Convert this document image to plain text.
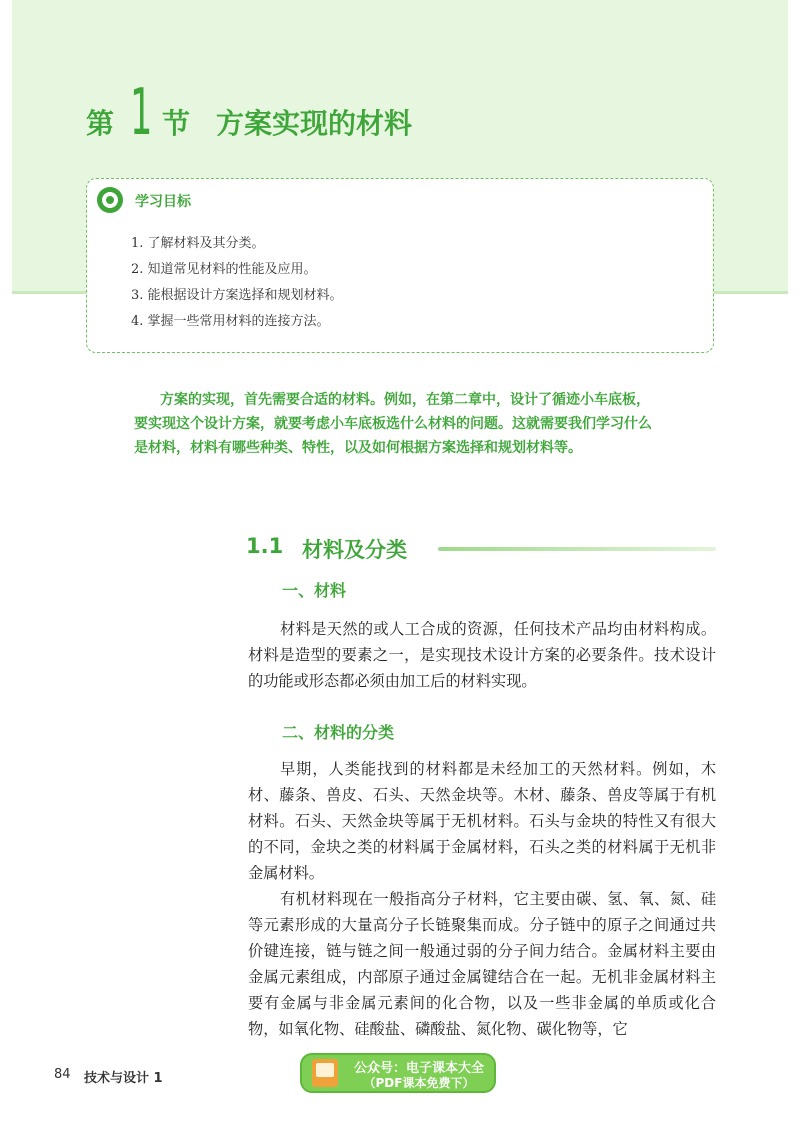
第 1 节 方案实现的材料
学习目标
1. 了解材料及其分类。
2. 知道常见材料的性能及应用。
3. 能根据设计方案选择和规划材料。
4. 掌握一些常用材料的连接方法。

方案的实现，首先需要合适的材料。例如，在第二章中，设计了循迹小车底板，

要实现这个设计方案，就要考虑小车底板选什么材料的问题。这就需要我们学习什么

是材料，材料有哪些种类、特性，以及如何根据方案选择和规划材料等。

1.1 材料及分类
一、材料

材料是天然的或人工合成的资源，任何技术产品均由材料构成。材料是造型的要素之一，是实现技术设计方案的必要条件。技术设计的功能或形态都必须由加工后的材料实现。

二、材料的分类

早期，人类能找到的材料都是未经加工的天然材料。例如，木材、藤条、兽皮、石头、天然金块等。木材、藤条、兽皮等属于有机材料。石头、天然金块等属于无机材料。石头与金块的特性又有很大的不同，金块之类的材料属于金属材料，石头之类的材料属于无机非金属材料。

有机材料现在一般指高分子材料，它主要由碳、氢、氧、氮、硅等元素形成的大量高分子长链聚集而成。分子链中的原子之间通过共价键连接，链与链之间一般通过弱的分子间力结合。金属材料主要由金属元素组成，内部原子通过金属键结合在一起。无机非金属材料主要有金属与非金属元素间的化合物，以及一些非金属的单质或化合物，如氧化物、硅酸盐、磷酸盐、氮化物、碳化物等，它

84 技术与设计 1
公众号：电子课本大全
（PDF课本免费下）
